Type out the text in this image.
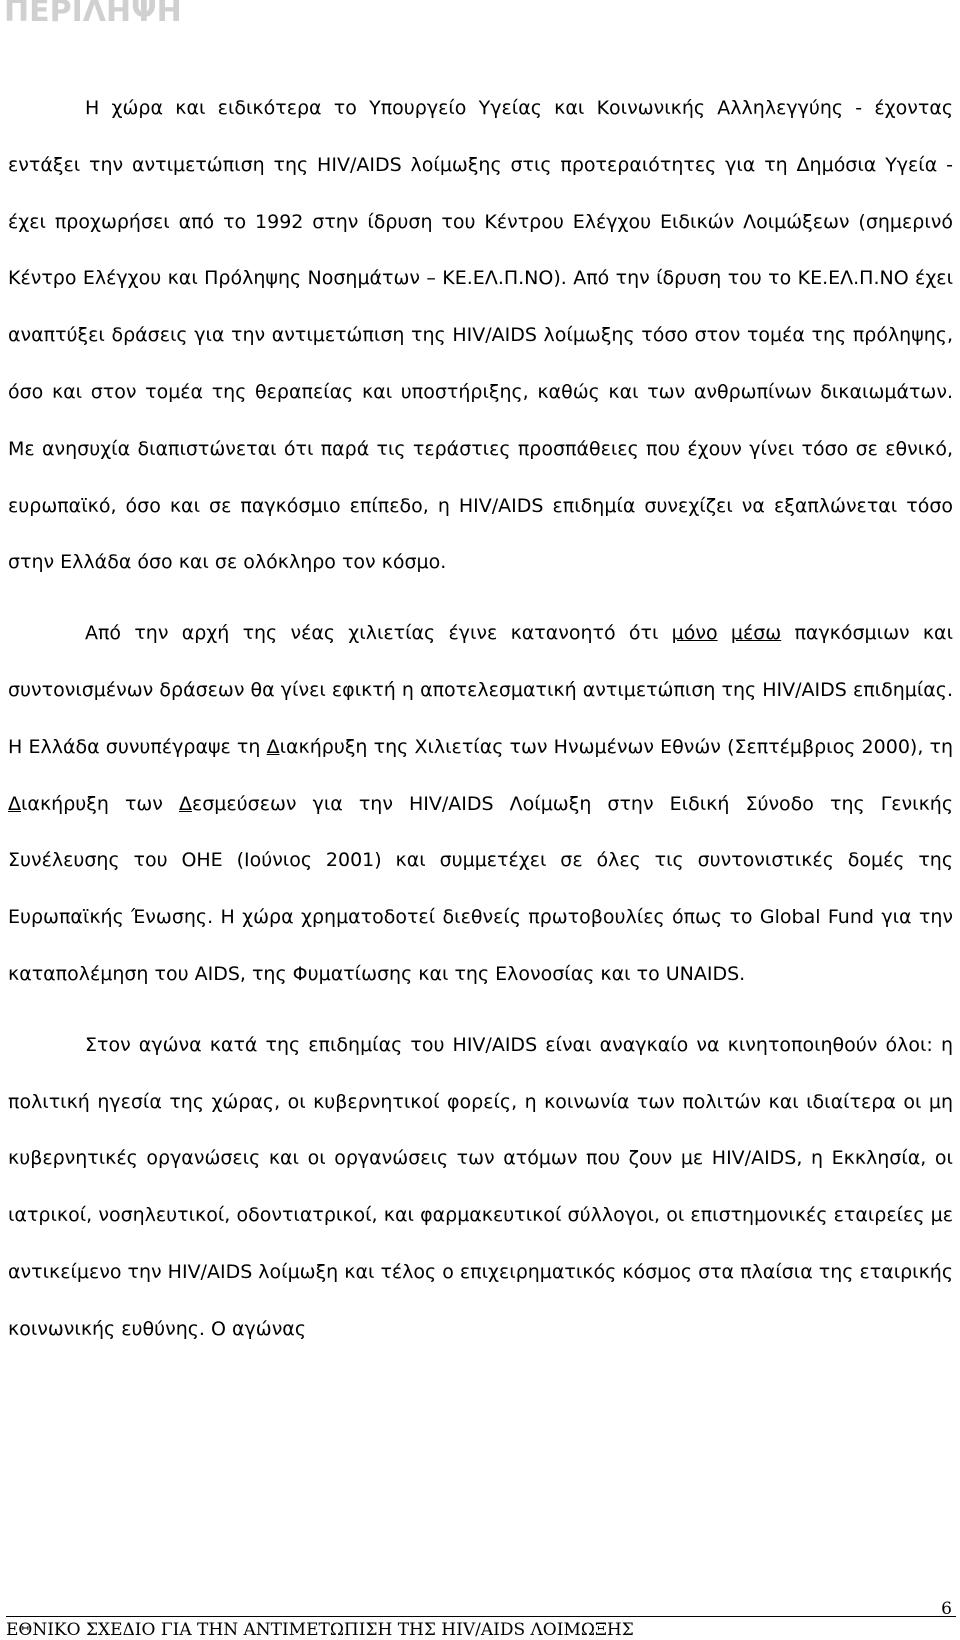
ΠΕΡΙΛΗΨΗ

Η χώρα και ειδικότερα το Υπουργείο Υγείας και Κοινωνικής Αλληλεγγύης - έχοντας εντάξει την αντιμετώπιση της HIV/AIDS λοίμωξης στις προτεραιότητες για τη Δημόσια Υγεία - έχει προχωρήσει από το 1992 στην ίδρυση του Κέντρου Ελέγχου Ειδικών Λοιμώξεων (σημερινό Κέντρο Ελέγχου και Πρόληψης Νοσημάτων – ΚΕ.ΕΛ.Π.ΝΟ). Από την ίδρυση του το ΚΕ.ΕΛ.Π.ΝΟ έχει αναπτύξει δράσεις για την αντιμετώπιση της HIV/AIDS λοίμωξης τόσο στον τομέα της πρόληψης, όσο και στον τομέα της θεραπείας και υποστήριξης, καθώς και των ανθρωπίνων δικαιωμάτων. Με ανησυχία διαπιστώνεται ότι παρά τις τεράστιες προσπάθειες που έχουν γίνει τόσο σε εθνικό, ευρωπαϊκό, όσο και σε παγκόσμιο επίπεδο, η HIV/AIDS επιδημία συνεχίζει να εξαπλώνεται τόσο στην Ελλάδα όσο και σε ολόκληρο τον κόσμο.

Από την αρχή της νέας χιλιετίας έγινε κατανοητό ότι μόνο μέσω παγκόσμιων και συντονισμένων δράσεων θα γίνει εφικτή η αποτελεσματική αντιμετώπιση της HIV/AIDS επιδημίας. Η Ελλάδα συνυπέγραψε τη Διακήρυξη της Χιλιετίας των Ηνωμένων Εθνών (Σεπτέμβριος 2000), τη Διακήρυξη των Δεσμεύσεων για την HIV/AIDS Λοίμωξη στην Ειδική Σύνοδο της Γενικής Συνέλευσης του ΟΗΕ (Ιούνιος 2001) και συμμετέχει σε όλες τις συντονιστικές δομές της Ευρωπαϊκής Ένωσης. Η χώρα χρηματοδοτεί διεθνείς πρωτοβουλίες όπως το Global Fund για την καταπολέμηση του AIDS, της Φυματίωσης και της Ελονοσίας και το UNAIDS.

Στον αγώνα κατά της επιδημίας του HIV/AIDS είναι αναγκαίο να κινητοποιηθούν όλοι: η πολιτική ηγεσία της χώρας, οι κυβερνητικοί φορείς, η κοινωνία των πολιτών και ιδιαίτερα οι μη κυβερνητικές οργανώσεις και οι οργανώσεις των ατόμων που ζουν με HIV/AIDS, η Εκκλησία, οι ιατρικοί, νοσηλευτικοί, οδοντιατρικοί, και φαρμακευτικοί σύλλογοι, οι επιστημονικές εταιρείες με αντικείμενο την HIV/AIDS λοίμωξη και τέλος ο επιχειρηματικός κόσμος στα πλαίσια της εταιρικής κοινωνικής ευθύνης. Ο αγώνας

ΕΘΝΙΚΟ ΣΧΕΔΙΟ ΓΙΑ ΤΗΝ ΑΝΤΙΜΕΤΩΠΙΣΗ ΤΗΣ HIV/AIDS ΛΟΙΜΩΞΗΣ

6
